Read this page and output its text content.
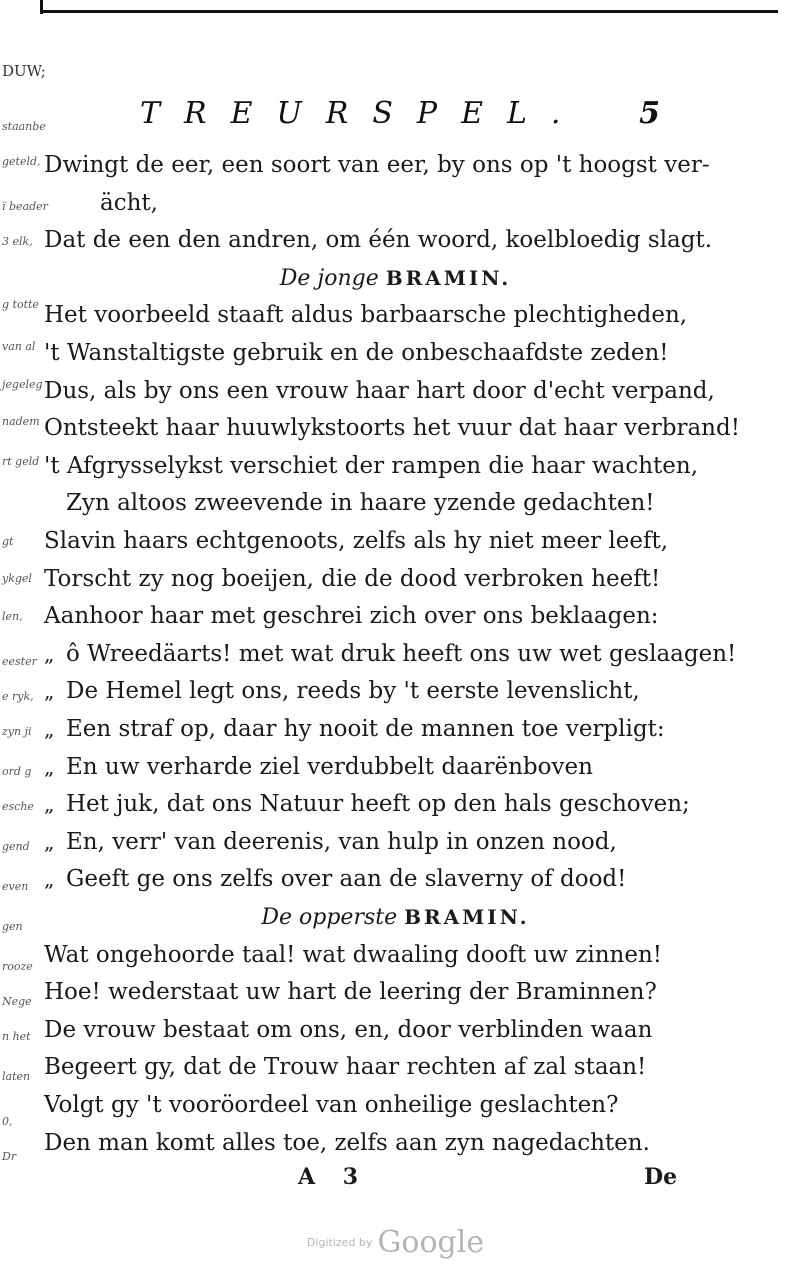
DUW;
staanbe
geteld,
ï beader
3 elk,
g totte
van al
jegeleg
nadem
rt geld
gt
ykgel
len,
eester
e ryk,
zyn ji
ord g
esche
gend
even
gen
rooze
Nege
n het
laten
0,
Dr
TREURSPEL. 5
Dwingt de eer, een soort van eer, by ons op 't hoogst ver-
ächt,
Dat de een den andren, om één woord, koelbloedig slagt.
De jonge BRAMIN.
Het voorbeeld staaft aldus barbaarsche plechtigheden,
't Wanstaltigste gebruik en de onbeschaafdste zeden!
Dus, als by ons een vrouw haar hart door d'echt verpand,
Ontsteekt haar huuwlykstoorts het vuur dat haar verbrand!
't Afgrysselykst verschiet der rampen die haar wachten,
Zyn altoos zweevende in haare yzende gedachten!
Slavin haars echtgenoots, zelfs als hy niet meer leeft,
Torscht zy nog boeijen, die de dood verbroken heeft!
Aanhoor haar met geschrei zich over ons beklaagen:
„ ô Wreedäarts! met wat druk heeft ons uw wet geslaagen!
„ De Hemel legt ons, reeds by 't eerste levenslicht,
„ Een straf op, daar hy nooit de mannen toe verpligt:
„ En uw verharde ziel verdubbelt daarënboven
„ Het juk, dat ons Natuur heeft op den hals geschoven;
„ En, verr' van deerenis, van hulp in onzen nood,
„ Geeft ge ons zelfs over aan de slaverny of dood!
De opperste BRAMIN.
Wat ongehoorde taal! wat dwaaling dooft uw zinnen!
Hoe! wederstaat uw hart de leering der Braminnen?
De vrouw bestaat om ons, en, door verblinden waan
Begeert gy, dat de Trouw haar rechten af zal staan!
Volgt gy 't vooröordeel van onheilige geslachten?
Den man komt alles toe, zelfs aan zyn nagedachten.
A 3	De
Digitized by Google
